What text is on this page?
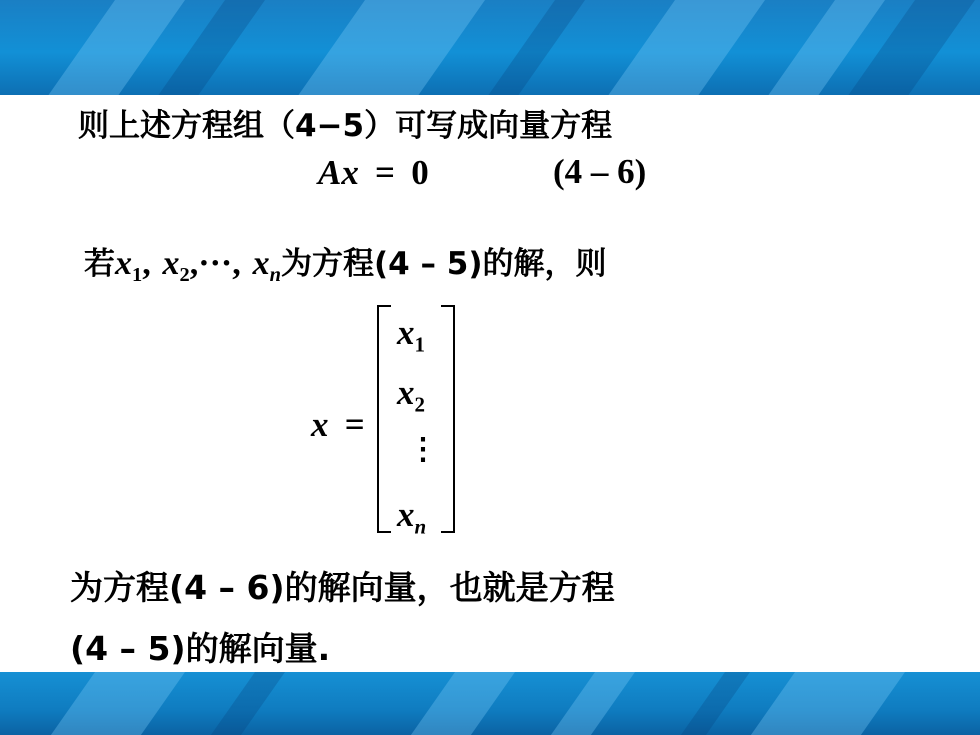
则上述方程组（4−5）可写成向量方程
Ax = 0	(4 – 6)
若$x_1$, $x_2,\cdot\cdot\cdot$, $x_n$为方程(4 – 5)的解，则
x =
$x_1$
$x_2$
⋮
$x_n$
为方程(4 – 6)的解向量，也就是方程
(4 – 5)的解向量.
